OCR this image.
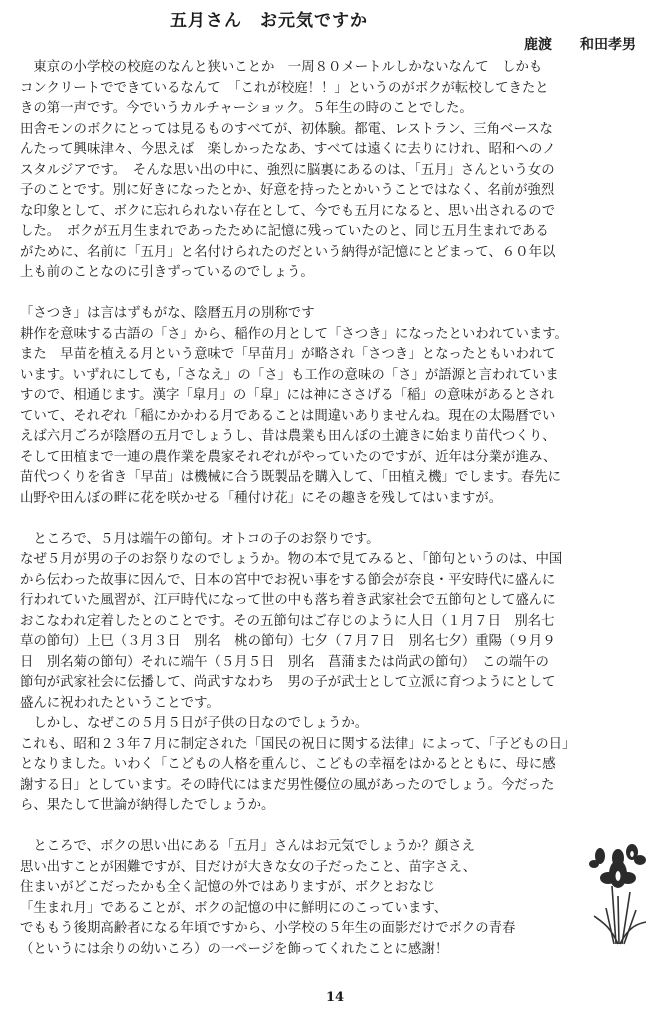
五月さん　お元気ですか
鹿渡　　和田孝男
　東京の小学校の校庭のなんと狭いことか　一周８０メートルしかないなんて　しかも
コンクリートでできているなんて　「これが校庭！！」というのがボクが転校してきたと
きの第一声です。今でいうカルチャーショック。５年生の時のことでした。
田舎モンのボクにとっては見るものすべてが、初体験。都電、レストラン、三角ベースな
んたって興味津々、今思えば　楽しかったなあ、すべては遠くに去りにけれ、昭和へのノ
スタルジアです。　そんな思い出の中に、強烈に脳裏にあるのは、「五月」さんという女の
子のことです。別に好きになったとか、好意を持ったとかいうことではなく、名前が強烈
な印象として、ボクに忘れられない存在として、今でも五月になると、思い出されるので
した。　ボクが五月生まれであったために記憶に残っていたのと、同じ五月生まれである
がために、名前に「五月」と名付けられたのだという納得が記憶にとどまって、６０年以
上も前のことなのに引きずっているのでしょう。
「さつき」は言はずもがな、陰暦五月の別称です
耕作を意味する古語の「さ」から、稲作の月として「さつき」になったといわれています。
また　早苗を植える月という意味で「早苗月」が略され「さつき」となったともいわれて
います。いずれにしても,「さなえ」の「さ」も工作の意味の「さ」が語源と言われていま
すので、相通じます。漢字「皐月」の「皐」には神にささげる「稲」の意味があるとされ
ていて、それぞれ「稲にかかわる月であることは間違いありませんね。現在の太陽暦でい
えば六月ごろが陰暦の五月でしょうし、昔は農業も田んぼの土漉きに始まり苗代つくり、
そして田植まで一連の農作業を農家それぞれがやっていたのですが、近年は分業が進み、
苗代つくりを省き「早苗」は機械に合う既製品を購入して、「田植え機」でします。春先に
山野や田んぼの畔に花を咲かせる「種付け花」にその趣きを残してはいますが。
　ところで、５月は端午の節句。オトコの子のお祭りです。
なぜ５月が男の子のお祭りなのでしょうか。物の本で見てみると、｢節句というのは、中国
から伝わった故事に因んで、日本の宮中でお祝い事をする節会が奈良・平安時代に盛んに
行われていた風習が、江戸時代になって世の中も落ち着き武家社会で五節句として盛んに
おこなわれ定着したとのことです。その五節句はご存じのように人日（１月７日　別名七
草の節句）上巳（３月３日　別名　桃の節句）七夕（７月７日　別名七夕）重陽（９月９
日　別名菊の節句）それに端午（５月５日　別名　菖蒲または尚武の節句）　この端午の
節句が武家社会に伝播して、尚武すなわち　男の子が武士として立派に育つようにとして
盛んに祝われたということです。
　しかし、なぜこの５月５日が子供の日なのでしょうか。
これも、昭和２３年７月に制定された「国民の祝日に関する法律」によって、｢子どもの日」
となりました。いわく「こどもの人格を重んじ、こどもの幸福をはかるとともに、母に感
謝する日」としています。その時代にはまだ男性優位の風があったのでしょう。今だった
ら、果たして世論が納得したでしょうか。
　ところで、ボクの思い出にある「五月」さんはお元気でしょうか？顔さえ
思い出すことが困難ですが、目だけが大きな女の子だったこと、苗字さえ、
住まいがどこだったかも全く記憶の外ではありますが、ボクとおなじ
「生まれ月」であることが、ボクの記憶の中に鮮明にのこっています、
でももう後期高齢者になる年頃ですから、小学校の５年生の面影だけでボクの青春
（というには余りの幼いころ）の一ページを飾ってくれたことに感謝！
14
